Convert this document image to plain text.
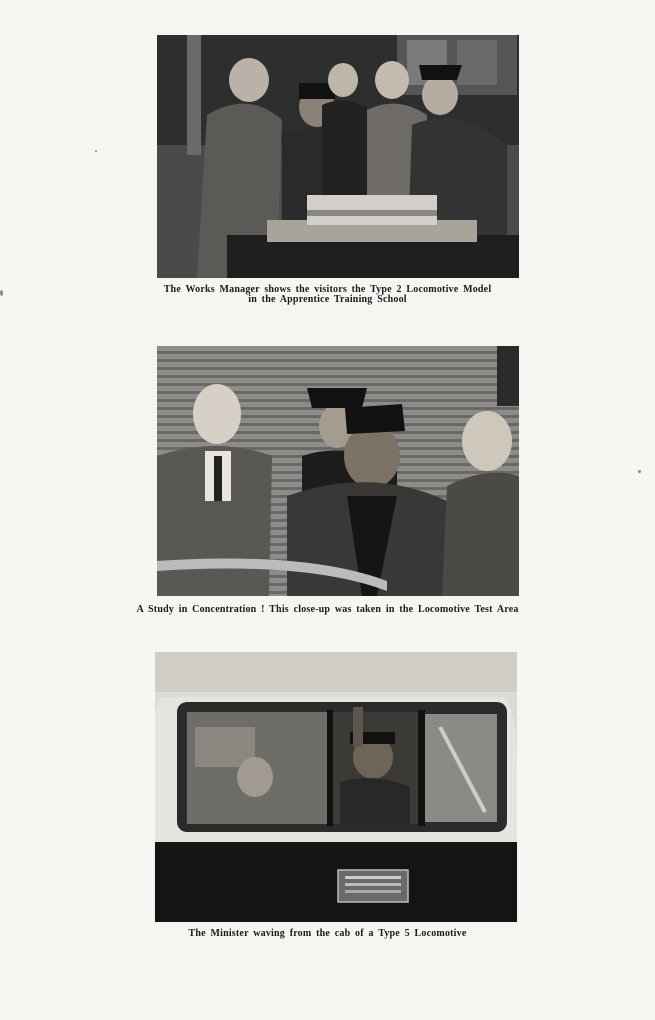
The Works Manager shows the visitors the Type 2 Locomotive Model
in the Apprentice Training School
A Study in Concentration ! This close-up was taken in the Locomotive Test Area
The Minister waving from the cab of a Type 5 Locomotive
